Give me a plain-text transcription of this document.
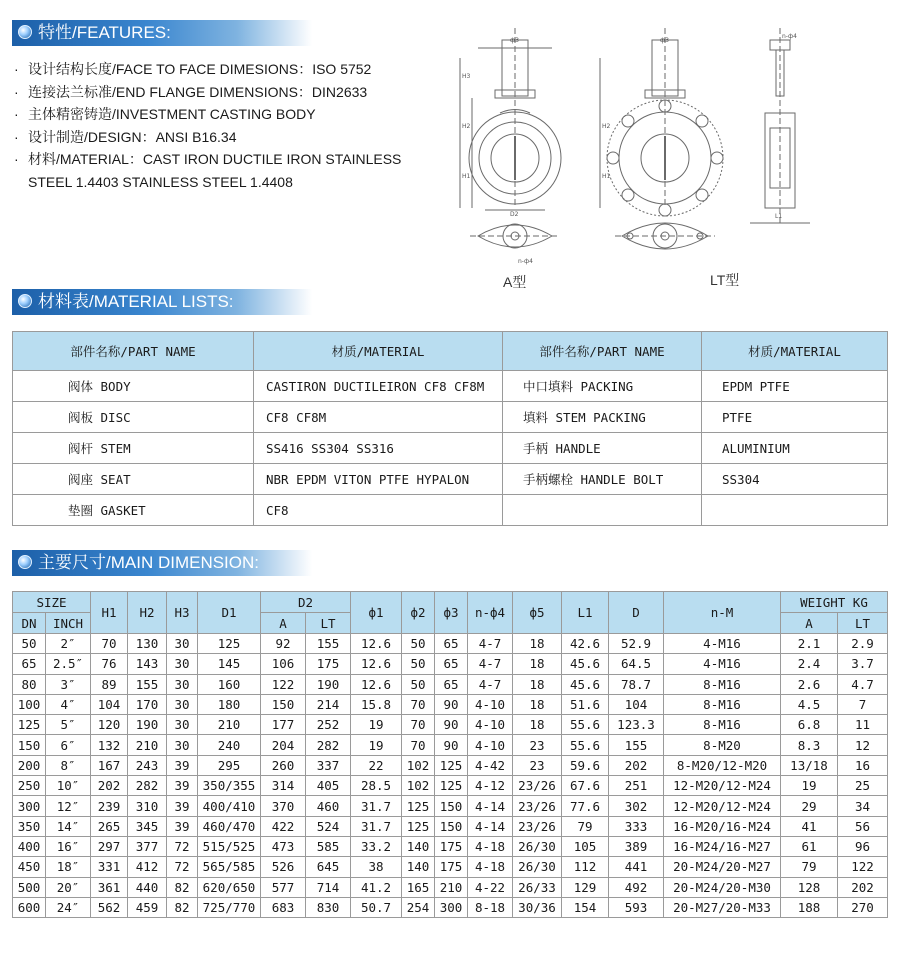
特性/FEATURES:
· 设计结构长度/FACE TO FACE DIMESIONS：ISO 5752
· 连接法兰标准/END FLANGE DIMENSIONS：DIN2633
· 主体精密铸造/INVESTMENT CASTING BODY
· 设计制造/DESIGN：ANSI B16.34
· 材料/MATERIAL：CAST IRON DUCTILE IRON STAINLESS
STEEL 1.4403 STAINLESS STEEL 1.4408
H3
H2
H1
ф3
D2
n-ф4
H2
H1
ф3
n-ф4
L1
A型	LT型
材料表/MATERIAL LISTS:
部件名称/PART NAME	材质/MATERIAL	部件名称/PART NAME	材质/MATERIAL
阀体 BODY	CASTIRON DUCTILEIRON CF8 CF8M	中口填料 PACKING	EPDM PTFE
阀板 DISC	CF8 CF8M	填料 STEM PACKING	PTFE
阀杆 STEM	SS416 SS304 SS316	手柄 HANDLE	ALUMINIUM
阀座 SEAT	NBR EPDM VITON PTFE HYPALON	手柄螺栓 HANDLE BOLT	SS304
垫圈 GASKET	CF8		
主要尺寸/MAIN DIMENSION:
SIZE		H1	H2	H3	D1	D2		ф1	ф2	ф3	n-ф4	ф5	L1	D	n-M	WEIGHT KG	
DN	INCH					A	LT									A	LT
50	2″	70	130	30	125	92	155	12.6	50	65	4-7	18	42.6	52.9	4-M16	2.1	2.9
65	2.5″	76	143	30	145	106	175	12.6	50	65	4-7	18	45.6	64.5	4-M16	2.4	3.7
80	3″	89	155	30	160	122	190	12.6	50	65	4-7	18	45.6	78.7	8-M16	2.6	4.7
100	4″	104	170	30	180	150	214	15.8	70	90	4-10	18	51.6	104	8-M16	4.5	7
125	5″	120	190	30	210	177	252	19	70	90	4-10	18	55.6	123.3	8-M16	6.8	11
150	6″	132	210	30	240	204	282	19	70	90	4-10	23	55.6	155	8-M20	8.3	12
200	8″	167	243	39	295	260	337	22	102	125	4-42	23	59.6	202	8-M20/12-M20	13/18	16
250	10″	202	282	39	350/355	314	405	28.5	102	125	4-12	23/26	67.6	251	12-M20/12-M24	19	25
300	12″	239	310	39	400/410	370	460	31.7	125	150	4-14	23/26	77.6	302	12-M20/12-M24	29	34
350	14″	265	345	39	460/470	422	524	31.7	125	150	4-14	23/26	79	333	16-M20/16-M24	41	56
400	16″	297	377	72	515/525	473	585	33.2	140	175	4-18	26/30	105	389	16-M24/16-M27	61	96
450	18″	331	412	72	565/585	526	645	38	140	175	4-18	26/30	112	441	20-M24/20-M27	79	122
500	20″	361	440	82	620/650	577	714	41.2	165	210	4-22	26/33	129	492	20-M24/20-M30	128	202
600	24″	562	459	82	725/770	683	830	50.7	254	300	8-18	30/36	154	593	20-M27/20-M33	188	270
